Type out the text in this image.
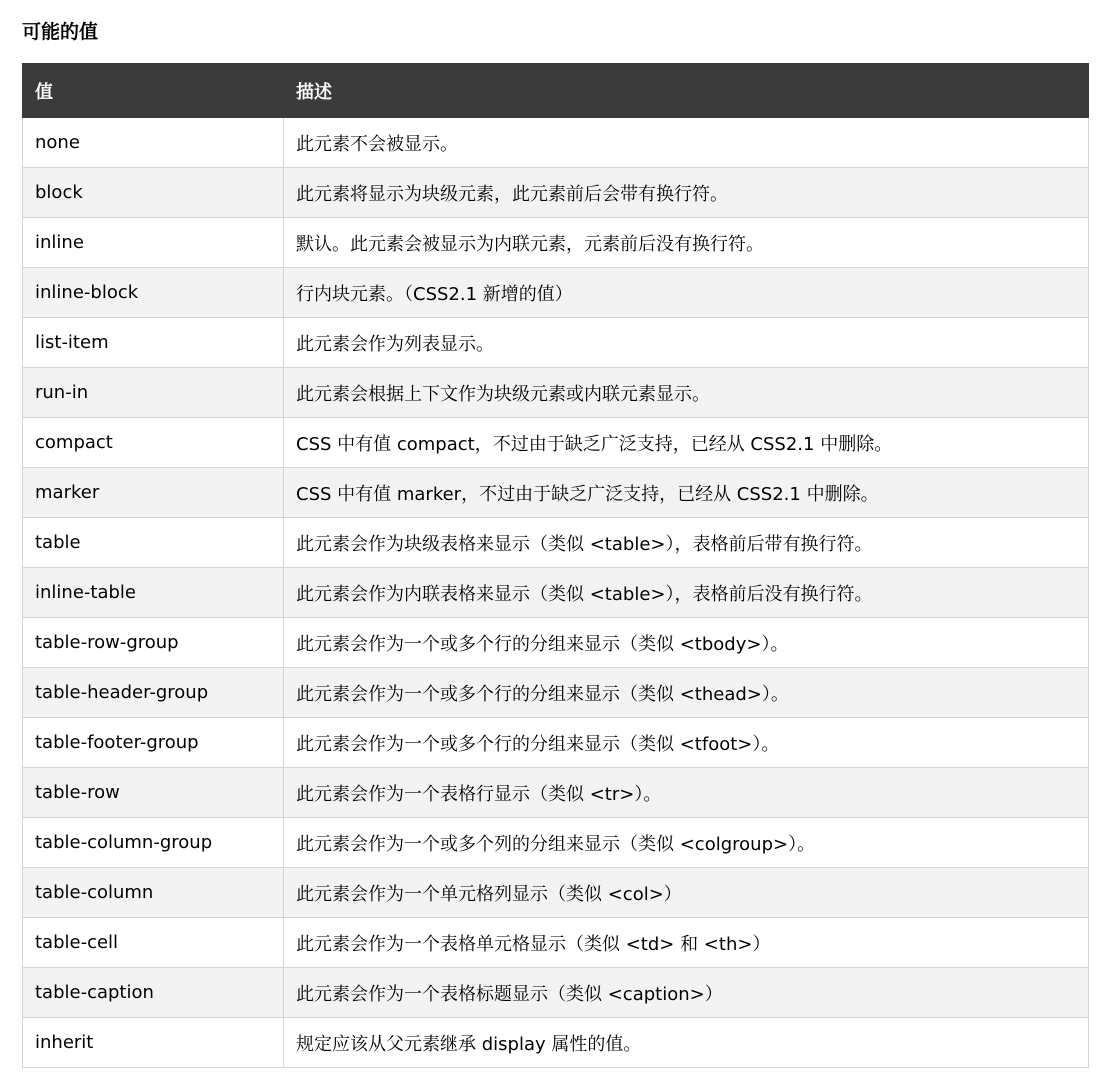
可能的值
值	描述
none	此元素不会被显示。
block	此元素将显示为块级元素，此元素前后会带有换行符。
inline	默认。此元素会被显示为内联元素，元素前后没有换行符。
inline-block	行内块元素。（CSS2.1 新增的值）
list-item	此元素会作为列表显示。
run-in	此元素会根据上下文作为块级元素或内联元素显示。
compact	CSS 中有值 compact，不过由于缺乏广泛支持，已经从 CSS2.1 中删除。
marker	CSS 中有值 marker，不过由于缺乏广泛支持，已经从 CSS2.1 中删除。
table	此元素会作为块级表格来显示（类似 <table>），表格前后带有换行符。
inline-table	此元素会作为内联表格来显示（类似 <table>），表格前后没有换行符。
table-row-group	此元素会作为一个或多个行的分组来显示（类似 <tbody>）。
table-header-group	此元素会作为一个或多个行的分组来显示（类似 <thead>）。
table-footer-group	此元素会作为一个或多个行的分组来显示（类似 <tfoot>）。
table-row	此元素会作为一个表格行显示（类似 <tr>）。
table-column-group	此元素会作为一个或多个列的分组来显示（类似 <colgroup>）。
table-column	此元素会作为一个单元格列显示（类似 <col>）
table-cell	此元素会作为一个表格单元格显示（类似 <td> 和 <th>）
table-caption	此元素会作为一个表格标题显示（类似 <caption>）
inherit	规定应该从父元素继承 display 属性的值。
